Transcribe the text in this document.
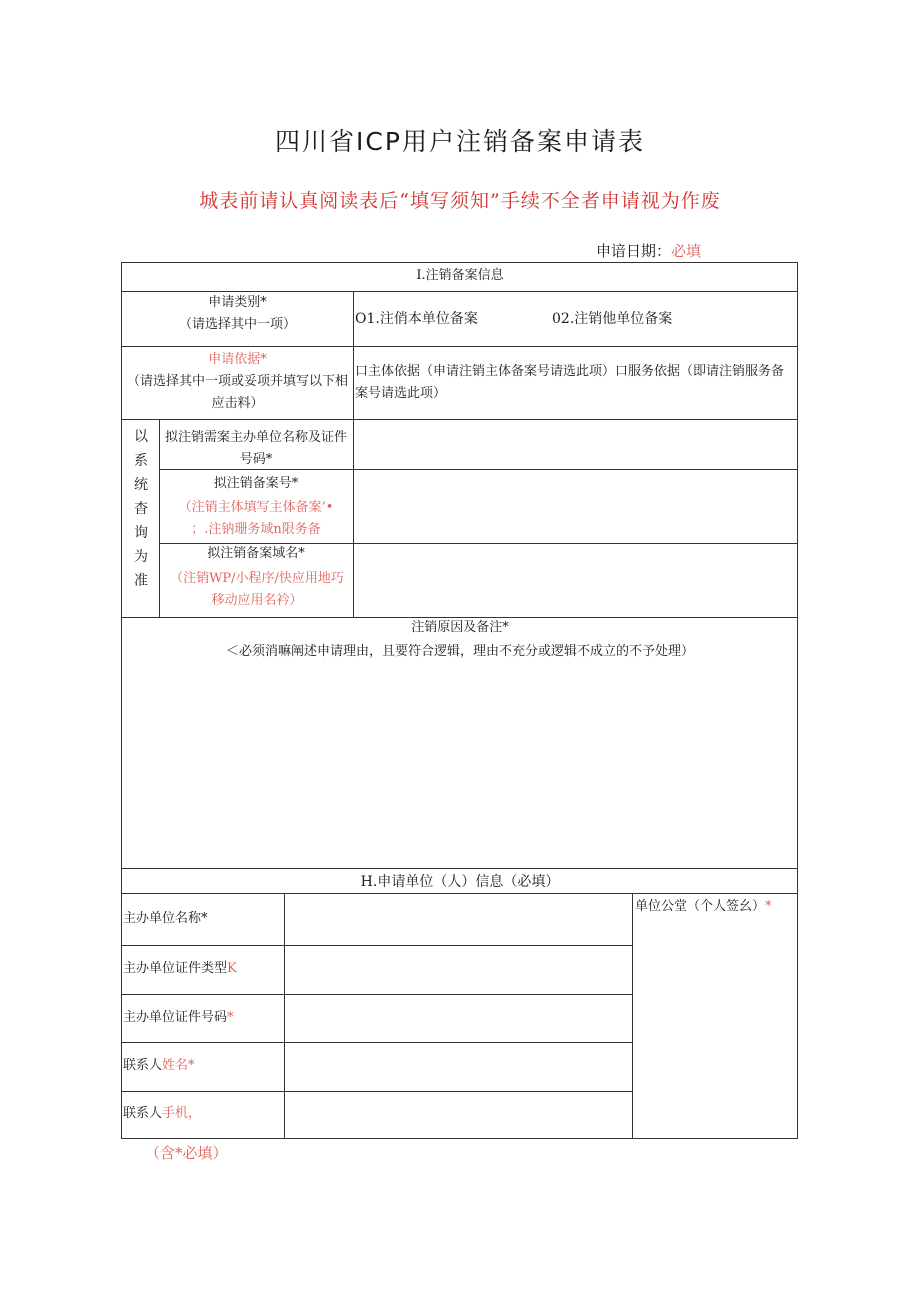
四川省ICP用户注销备案申请表
城表前请认真阅读表后“填写须知”手续不全者申请视为作废
申谙日期：必填
I.注销备案信息
申请类别*
（请选择其中一项）	O1.注俏本单位备案	02.注销他单位备案
申请依据*
（请选择其中一项或妥项并填写以下相应击料）
口主体依据（申请注销主体备案号请选此项）口服务依据（即请注销服务备案号请选此项）
以系统杳询为准
拟注销需案主办单位名称及证件号码*
拟注销备案号*
（注销主体填写主体备案’•
；.注钠珊务域n限务备
拟注销备案域名*
（注销WP/小程序/快应用地巧移动应用名衿）
注销原因及备注*
＜必须消嘛阐述申请理由，且要符合逻辑，理由不充分或逻辑不成立的不予处理）
H.申请单位（人）信息（必填）
主办单位名称*
主办单位证件类型K
主办单位证件号码*
联系人姓名*
联系人手机，
单位公堂（个人签幺）*
（含*必填）
